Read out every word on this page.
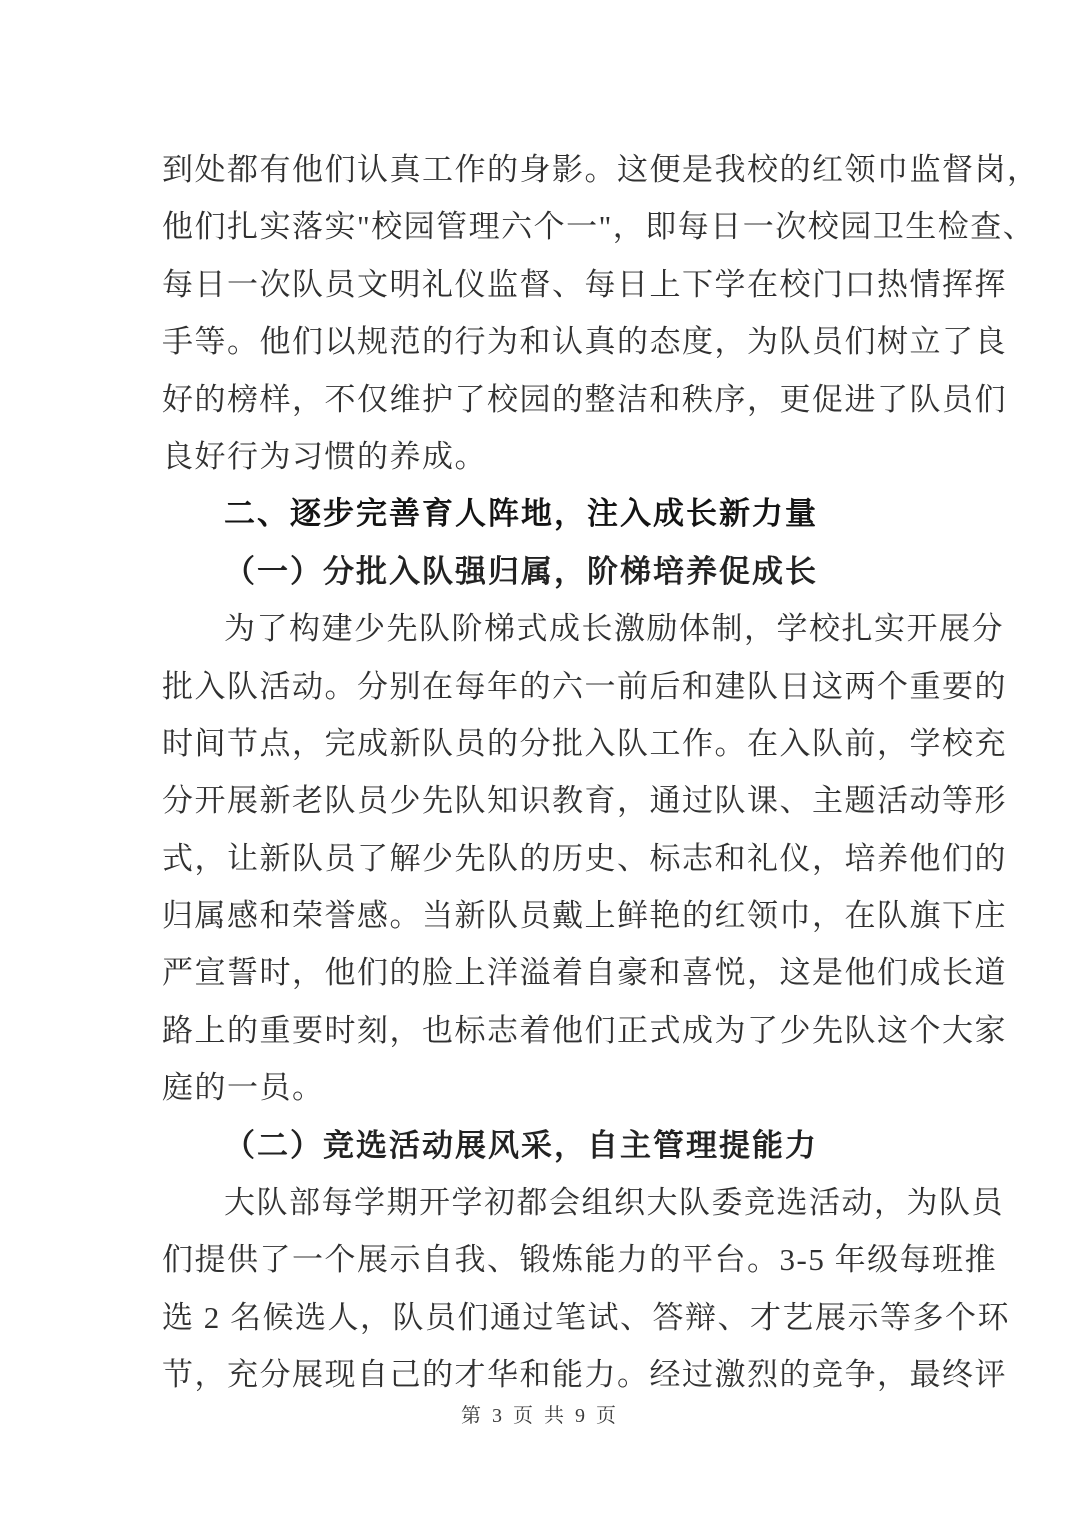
到处都有他们认真工作的身影。这便是我校的红领巾监督岗，
他们扎实落实"校园管理六个一"，即每日一次校园卫生检查、
每日一次队员文明礼仪监督、每日上下学在校门口热情挥挥
手等。他们以规范的行为和认真的态度，为队员们树立了良
好的榜样，不仅维护了校园的整洁和秩序，更促进了队员们
良好行为习惯的养成。
二、逐步完善育人阵地，注入成长新力量
（一）分批入队强归属，阶梯培养促成长
为了构建少先队阶梯式成长激励体制，学校扎实开展分
批入队活动。分别在每年的六一前后和建队日这两个重要的
时间节点，完成新队员的分批入队工作。在入队前，学校充
分开展新老队员少先队知识教育，通过队课、主题活动等形
式，让新队员了解少先队的历史、标志和礼仪，培养他们的
归属感和荣誉感。当新队员戴上鲜艳的红领巾，在队旗下庄
严宣誓时，他们的脸上洋溢着自豪和喜悦，这是他们成长道
路上的重要时刻，也标志着他们正式成为了少先队这个大家
庭的一员。
（二）竞选活动展风采，自主管理提能力
大队部每学期开学初都会组织大队委竞选活动，为队员
们提供了一个展示自我、锻炼能力的平台。3-5 年级每班推
选 2 名候选人，队员们通过笔试、答辩、才艺展示等多个环
节，充分展现自己的才华和能力。经过激烈的竞争，最终评
第 3 页 共 9 页
